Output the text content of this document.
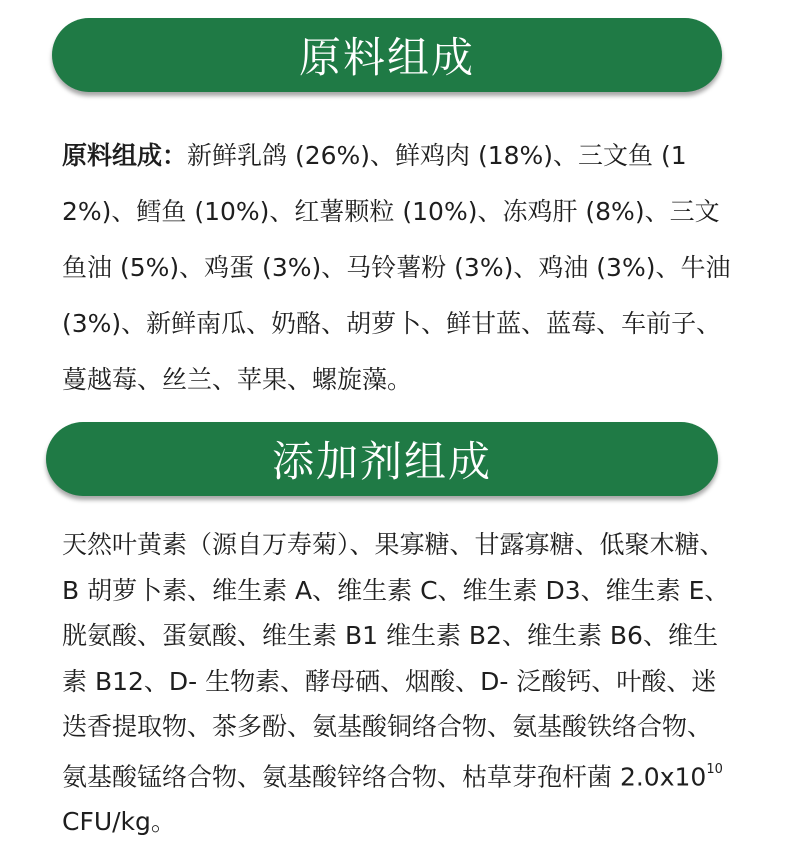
原料组成
原料组成：新鲜乳鸽 (26%)、鲜鸡肉 (18%)、三文鱼 (12%)、鳕鱼 (10%)、红薯颗粒 (10%)、冻鸡肝 (8%)、三文鱼油 (5%)、鸡蛋 (3%)、马铃薯粉 (3%)、鸡油 (3%)、牛油 (3%)、新鲜南瓜、奶酪、胡萝卜、鲜甘蓝、蓝莓、车前子、蔓越莓、丝兰、苹果、螺旋藻。
添加剂组成
天然叶黄素（源自万寿菊）、果寡糖、甘露寡糖、低聚木糖、B 胡萝卜素、维生素 A、维生素 C、维生素 D3、维生素 E、胱氨酸、蛋氨酸、维生素 B1 维生素 B2、维生素 B6、维生素 B12、D- 生物素、酵母硒、烟酸、D- 泛酸钙、叶酸、迷迭香提取物、茶多酚、氨基酸铜络合物、氨基酸铁络合物、氨基酸锰络合物、氨基酸锌络合物、枯草芽孢杆菌 $2.0x10^{10}$ CFU/kg。
